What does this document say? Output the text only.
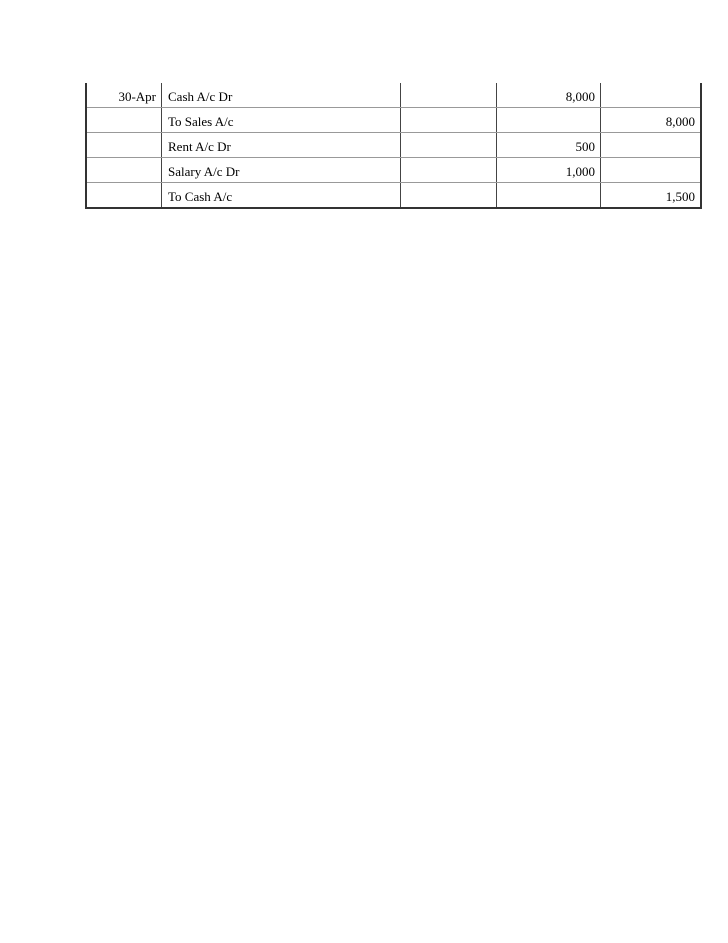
30-Apr	Cash A/c Dr		8,000	
	To Sales A/c			8,000
	Rent A/c Dr		500	
	Salary A/c Dr		1,000	
	To Cash A/c			1,500
